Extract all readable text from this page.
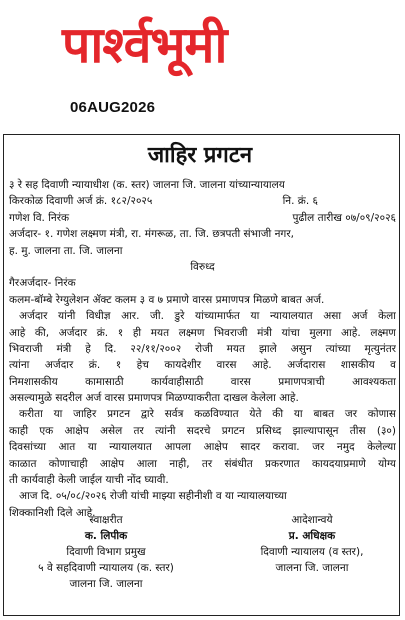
पार्श्वभूमी
06AUG2026
जाहिर प्रगटन
३ रे सह दिवाणी न्यायाधीश (क. स्तर) जालना जि. जालना यांच्यान्यायालय
किरकोळ दिवाणी अर्ज क्रं. १८२/२०२५	नि. क्रं. ६
गणेश वि. निरंक	पुढील तारीख ०७/०९/२०२६
अर्जदार- १. गणेश लक्ष्मण मंत्री, रा. मंगरूळ, ता. जि. छत्रपती संभाजी नगर,
ह. मु. जालना ता. जि. जालना
विरुध्द
गैरअर्जदार- निरंक
कलम-बॉम्बे रेग्युलेशन ॲक्ट कलम ३ व ७ प्रमाणे वारस प्रमाणपत्र मिळणे बाबत अर्ज.
अर्जदार यांनी विधीज्ञ आर. जी. डुरे यांच्यामार्फत या न्यायालयात असा अर्ज केला
आहे की, अर्जदार क्रं. १ ही मयत लक्ष्मण भिवराजी मंत्री यांचा मुलगा आहे. लक्ष्मण
भिवराजी मंत्री हे दि. २२/११/२००२ रोजी मयत झाले असुन त्यांच्या मृत्युनंतर
त्यांना अर्जदार क्रं. १ हेच कायदेशीर वारस आहे. अर्जदारास शासकीय व
निमशासकीय कामासाठी कार्यवाहीसाठी वारस प्रमाणपत्राची आवश्यकता
असल्यामुळे सदरील अर्ज वारस प्रमाणपत्र मिळण्याकरीता दाखल केलेला आहे.
करीता या जाहिर प्रगटन द्वारे सर्वत्र कळविण्यात येते की या बाबत जर कोणास
काही एक आक्षेप असेल तर त्यांनी सदरचे प्रगटन प्रसिध्द झाल्यापासून तीस (३०)
दिवसांच्या आत या न्यायालयात आपला आक्षेप सादर करावा. जर नमुद केलेल्या
काळात कोणाचाही आक्षेप आला नाही, तर संबंधीत प्रकरणात कायदयाप्रमाणे योग्य
ती कार्यवाही केली जाईल याची नोंद घ्यावी.
आज दि. ०५/०८/२०२६ रोजी यांची माझ्या सहीनीशी व या न्यायालयाच्या
शिक्कानिशी दिले आहे.
स्वाक्षरीत
क. लिपीक
दिवाणी विभाग प्रमुख
५ वे सहदिवाणी न्यायालय (क. स्तर)
जालना जि. जालना
आदेशान्वये
प्र. अधिक्षक
दिवाणी न्यायालय (व स्तर),
जालना जि. जालना
